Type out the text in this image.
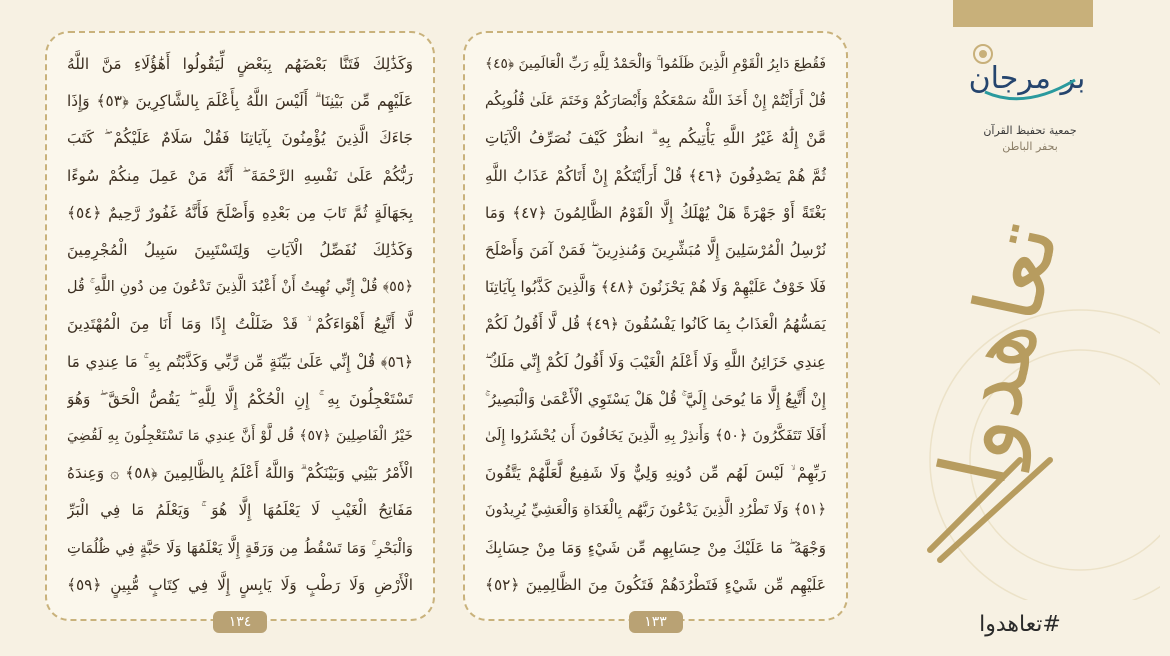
وَكَذَٰلِكَ فَتَنَّا بَعْضَهُم بِبَعْضٍ لِّيَقُولُوا أَهَٰؤُلَاءِ مَنَّ اللَّهُ
عَلَيْهِم مِّن بَيْنِنَا ۗ أَلَيْسَ اللَّهُ بِأَعْلَمَ بِالشَّاكِرِينَ ﴿٥٣﴾ وَإِذَا
جَاءَكَ الَّذِينَ يُؤْمِنُونَ بِآيَاتِنَا فَقُلْ سَلَامٌ عَلَيْكُمْ ۖ كَتَبَ
رَبُّكُمْ عَلَىٰ نَفْسِهِ الرَّحْمَةَ ۖ أَنَّهُ مَنْ عَمِلَ مِنكُمْ سُوءًا
بِجَهَالَةٍ ثُمَّ تَابَ مِن بَعْدِهِ وَأَصْلَحَ فَأَنَّهُ غَفُورٌ رَّحِيمٌ ﴿٥٤﴾
وَكَذَٰلِكَ نُفَصِّلُ الْآيَاتِ وَلِتَسْتَبِينَ سَبِيلُ الْمُجْرِمِينَ
﴿٥٥﴾ قُلْ إِنِّي نُهِيتُ أَنْ أَعْبُدَ الَّذِينَ تَدْعُونَ مِن دُونِ اللَّهِ ۚ قُل
لَّا أَتَّبِعُ أَهْوَاءَكُمْ ۙ قَدْ ضَلَلْتُ إِذًا وَمَا أَنَا مِنَ الْمُهْتَدِينَ
﴿٥٦﴾ قُلْ إِنِّي عَلَىٰ بَيِّنَةٍ مِّن رَّبِّي وَكَذَّبْتُم بِهِ ۚ مَا عِندِي مَا
تَسْتَعْجِلُونَ بِهِ ۚ إِنِ الْحُكْمُ إِلَّا لِلَّهِ ۖ يَقُصُّ الْحَقَّ ۖ وَهُوَ
خَيْرُ الْفَاصِلِينَ ﴿٥٧﴾ قُل لَّوْ أَنَّ عِندِي مَا تَسْتَعْجِلُونَ بِهِ لَقُضِيَ
الْأَمْرُ بَيْنِي وَبَيْنَكُمْ ۗ وَاللَّهُ أَعْلَمُ بِالظَّالِمِينَ ﴿٥٨﴾ ۞ وَعِندَهُ
مَفَاتِحُ الْغَيْبِ لَا يَعْلَمُهَا إِلَّا هُوَ ۚ وَيَعْلَمُ مَا فِي الْبَرِّ
وَالْبَحْرِ ۚ وَمَا تَسْقُطُ مِن وَرَقَةٍ إِلَّا يَعْلَمُهَا وَلَا حَبَّةٍ فِي ظُلُمَاتِ
الْأَرْضِ وَلَا رَطْبٍ وَلَا يَابِسٍ إِلَّا فِي كِتَابٍ مُّبِينٍ ﴿٥٩﴾
١٣٤
فَقُطِعَ دَابِرُ الْقَوْمِ الَّذِينَ ظَلَمُوا ۚ وَالْحَمْدُ لِلَّهِ رَبِّ الْعَالَمِينَ ﴿٤٥﴾
قُلْ أَرَأَيْتُمْ إِنْ أَخَذَ اللَّهُ سَمْعَكُمْ وَأَبْصَارَكُمْ وَخَتَمَ عَلَىٰ قُلُوبِكُم
مَّنْ إِلَٰهٌ غَيْرُ اللَّهِ يَأْتِيكُم بِهِ ۗ انظُرْ كَيْفَ نُصَرِّفُ الْآيَاتِ
ثُمَّ هُمْ يَصْدِفُونَ ﴿٤٦﴾ قُلْ أَرَأَيْتَكُمْ إِنْ أَتَاكُمْ عَذَابُ اللَّهِ
بَغْتَةً أَوْ جَهْرَةً هَلْ يُهْلَكُ إِلَّا الْقَوْمُ الظَّالِمُونَ ﴿٤٧﴾ وَمَا
نُرْسِلُ الْمُرْسَلِينَ إِلَّا مُبَشِّرِينَ وَمُنذِرِينَ ۖ فَمَنْ آمَنَ وَأَصْلَحَ
فَلَا خَوْفٌ عَلَيْهِمْ وَلَا هُمْ يَحْزَنُونَ ﴿٤٨﴾ وَالَّذِينَ كَذَّبُوا بِآيَاتِنَا
يَمَسُّهُمُ الْعَذَابُ بِمَا كَانُوا يَفْسُقُونَ ﴿٤٩﴾ قُل لَّا أَقُولُ لَكُمْ
عِندِي خَزَائِنُ اللَّهِ وَلَا أَعْلَمُ الْغَيْبَ وَلَا أَقُولُ لَكُمْ إِنِّي مَلَكٌ ۖ
إِنْ أَتَّبِعُ إِلَّا مَا يُوحَىٰ إِلَيَّ ۚ قُلْ هَلْ يَسْتَوِي الْأَعْمَىٰ وَالْبَصِيرُ ۚ
أَفَلَا تَتَفَكَّرُونَ ﴿٥٠﴾ وَأَنذِرْ بِهِ الَّذِينَ يَخَافُونَ أَن يُحْشَرُوا إِلَىٰ
رَبِّهِمْ ۙ لَيْسَ لَهُم مِّن دُونِهِ وَلِيٌّ وَلَا شَفِيعٌ لَّعَلَّهُمْ يَتَّقُونَ
﴿٥١﴾ وَلَا تَطْرُدِ الَّذِينَ يَدْعُونَ رَبَّهُم بِالْغَدَاةِ وَالْعَشِيِّ يُرِيدُونَ
وَجْهَهُ ۖ مَا عَلَيْكَ مِنْ حِسَابِهِم مِّن شَيْءٍ وَمَا مِنْ حِسَابِكَ
عَلَيْهِم مِّن شَيْءٍ فَتَطْرُدَهُمْ فَتَكُونَ مِنَ الظَّالِمِينَ ﴿٥٢﴾
١٣٣
بر مرجان
جمعية تحفيظ القرآن
بحفر الباطن
تعاهدوا
#تعاهدوا
